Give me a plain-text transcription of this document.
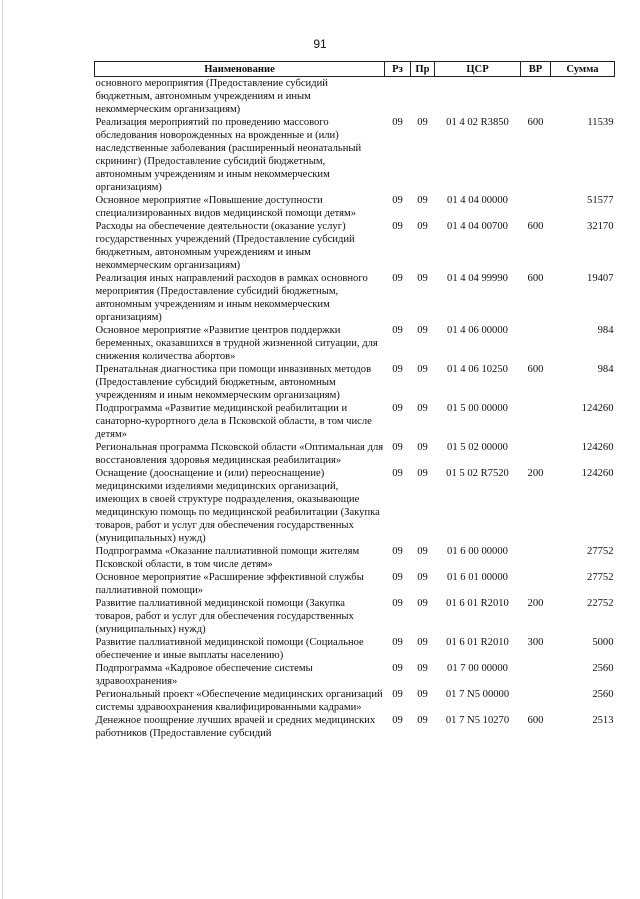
91
Наименование	Рз	Пр	ЦСР	ВР	Сумма
основного мероприятия (Предоставление субсидий бюджетным, автономным учреждениям и иным некоммерческим организациям)					
Реализация мероприятий по проведению массового обследования новорожденных на врожденные и (или) наследственные заболевания (расширенный неонатальный скрининг) (Предоставление субсидий бюджетным, автономным учреждениям и иным некоммерческим организациям)	09	09	01 4 02 R3850	600	11539
Основное мероприятие «Повышение доступности специализированных видов медицинской помощи детям»	09	09	01 4 04 00000		51577
Расходы на обеспечение деятельности (оказание услуг) государственных учреждений (Предоставление субсидий бюджетным, автономным учреждениям и иным некоммерческим организациям)	09	09	01 4 04 00700	600	32170
Реализация иных направлений расходов в рамках основного мероприятия (Предоставление субсидий бюджетным, автономным учреждениям и иным некоммерческим организациям)	09	09	01 4 04 99990	600	19407
Основное мероприятие «Развитие центров поддержки беременных, оказавшихся в трудной жизненной ситуации, для снижения количества абортов»	09	09	01 4 06 00000		984
Пренатальная диагностика при помощи инвазивных методов (Предоставление субсидий бюджетным, автономным учреждениям и иным некоммерческим организациям)	09	09	01 4 06 10250	600	984
Подпрограмма «Развитие медицинской реабилитации и санаторно-курортного дела в Псковской области, в том числе детям»	09	09	01 5 00 00000		124260
Региональная программа Псковской области «Оптимальная для восстановления здоровья медицинская реабилитация»	09	09	01 5 02 00000		124260
Оснащение (дооснащение и (или) переоснащение) медицинскими изделиями медицинских организаций, имеющих в своей структуре подразделения, оказывающие медицинскую помощь по медицинской реабилитации (Закупка товаров, работ и услуг для обеспечения государственных (муниципальных) нужд)	09	09	01 5 02 R7520	200	124260
Подпрограмма «Оказание паллиативной помощи жителям Псковской области, в том числе детям»	09	09	01 6 00 00000		27752
Основное мероприятие «Расширение эффективной службы паллиативной помощи»	09	09	01 6 01 00000		27752
Развитие паллиативной медицинской помощи (Закупка товаров, работ и услуг для обеспечения государственных (муниципальных) нужд)	09	09	01 6 01 R2010	200	22752
Развитие паллиативной медицинской помощи (Социальное обеспечение и иные выплаты населению)	09	09	01 6 01 R2010	300	5000
Подпрограмма «Кадровое обеспечение системы здравоохранения»	09	09	01 7 00 00000		2560
Региональный проект «Обеспечение медицинских организаций системы здравоохранения квалифицированными кадрами»	09	09	01 7 N5 00000		2560
Денежное поощрение лучших врачей и средних медицинских работников (Предоставление субсидий	09	09	01 7 N5 10270	600	2513
